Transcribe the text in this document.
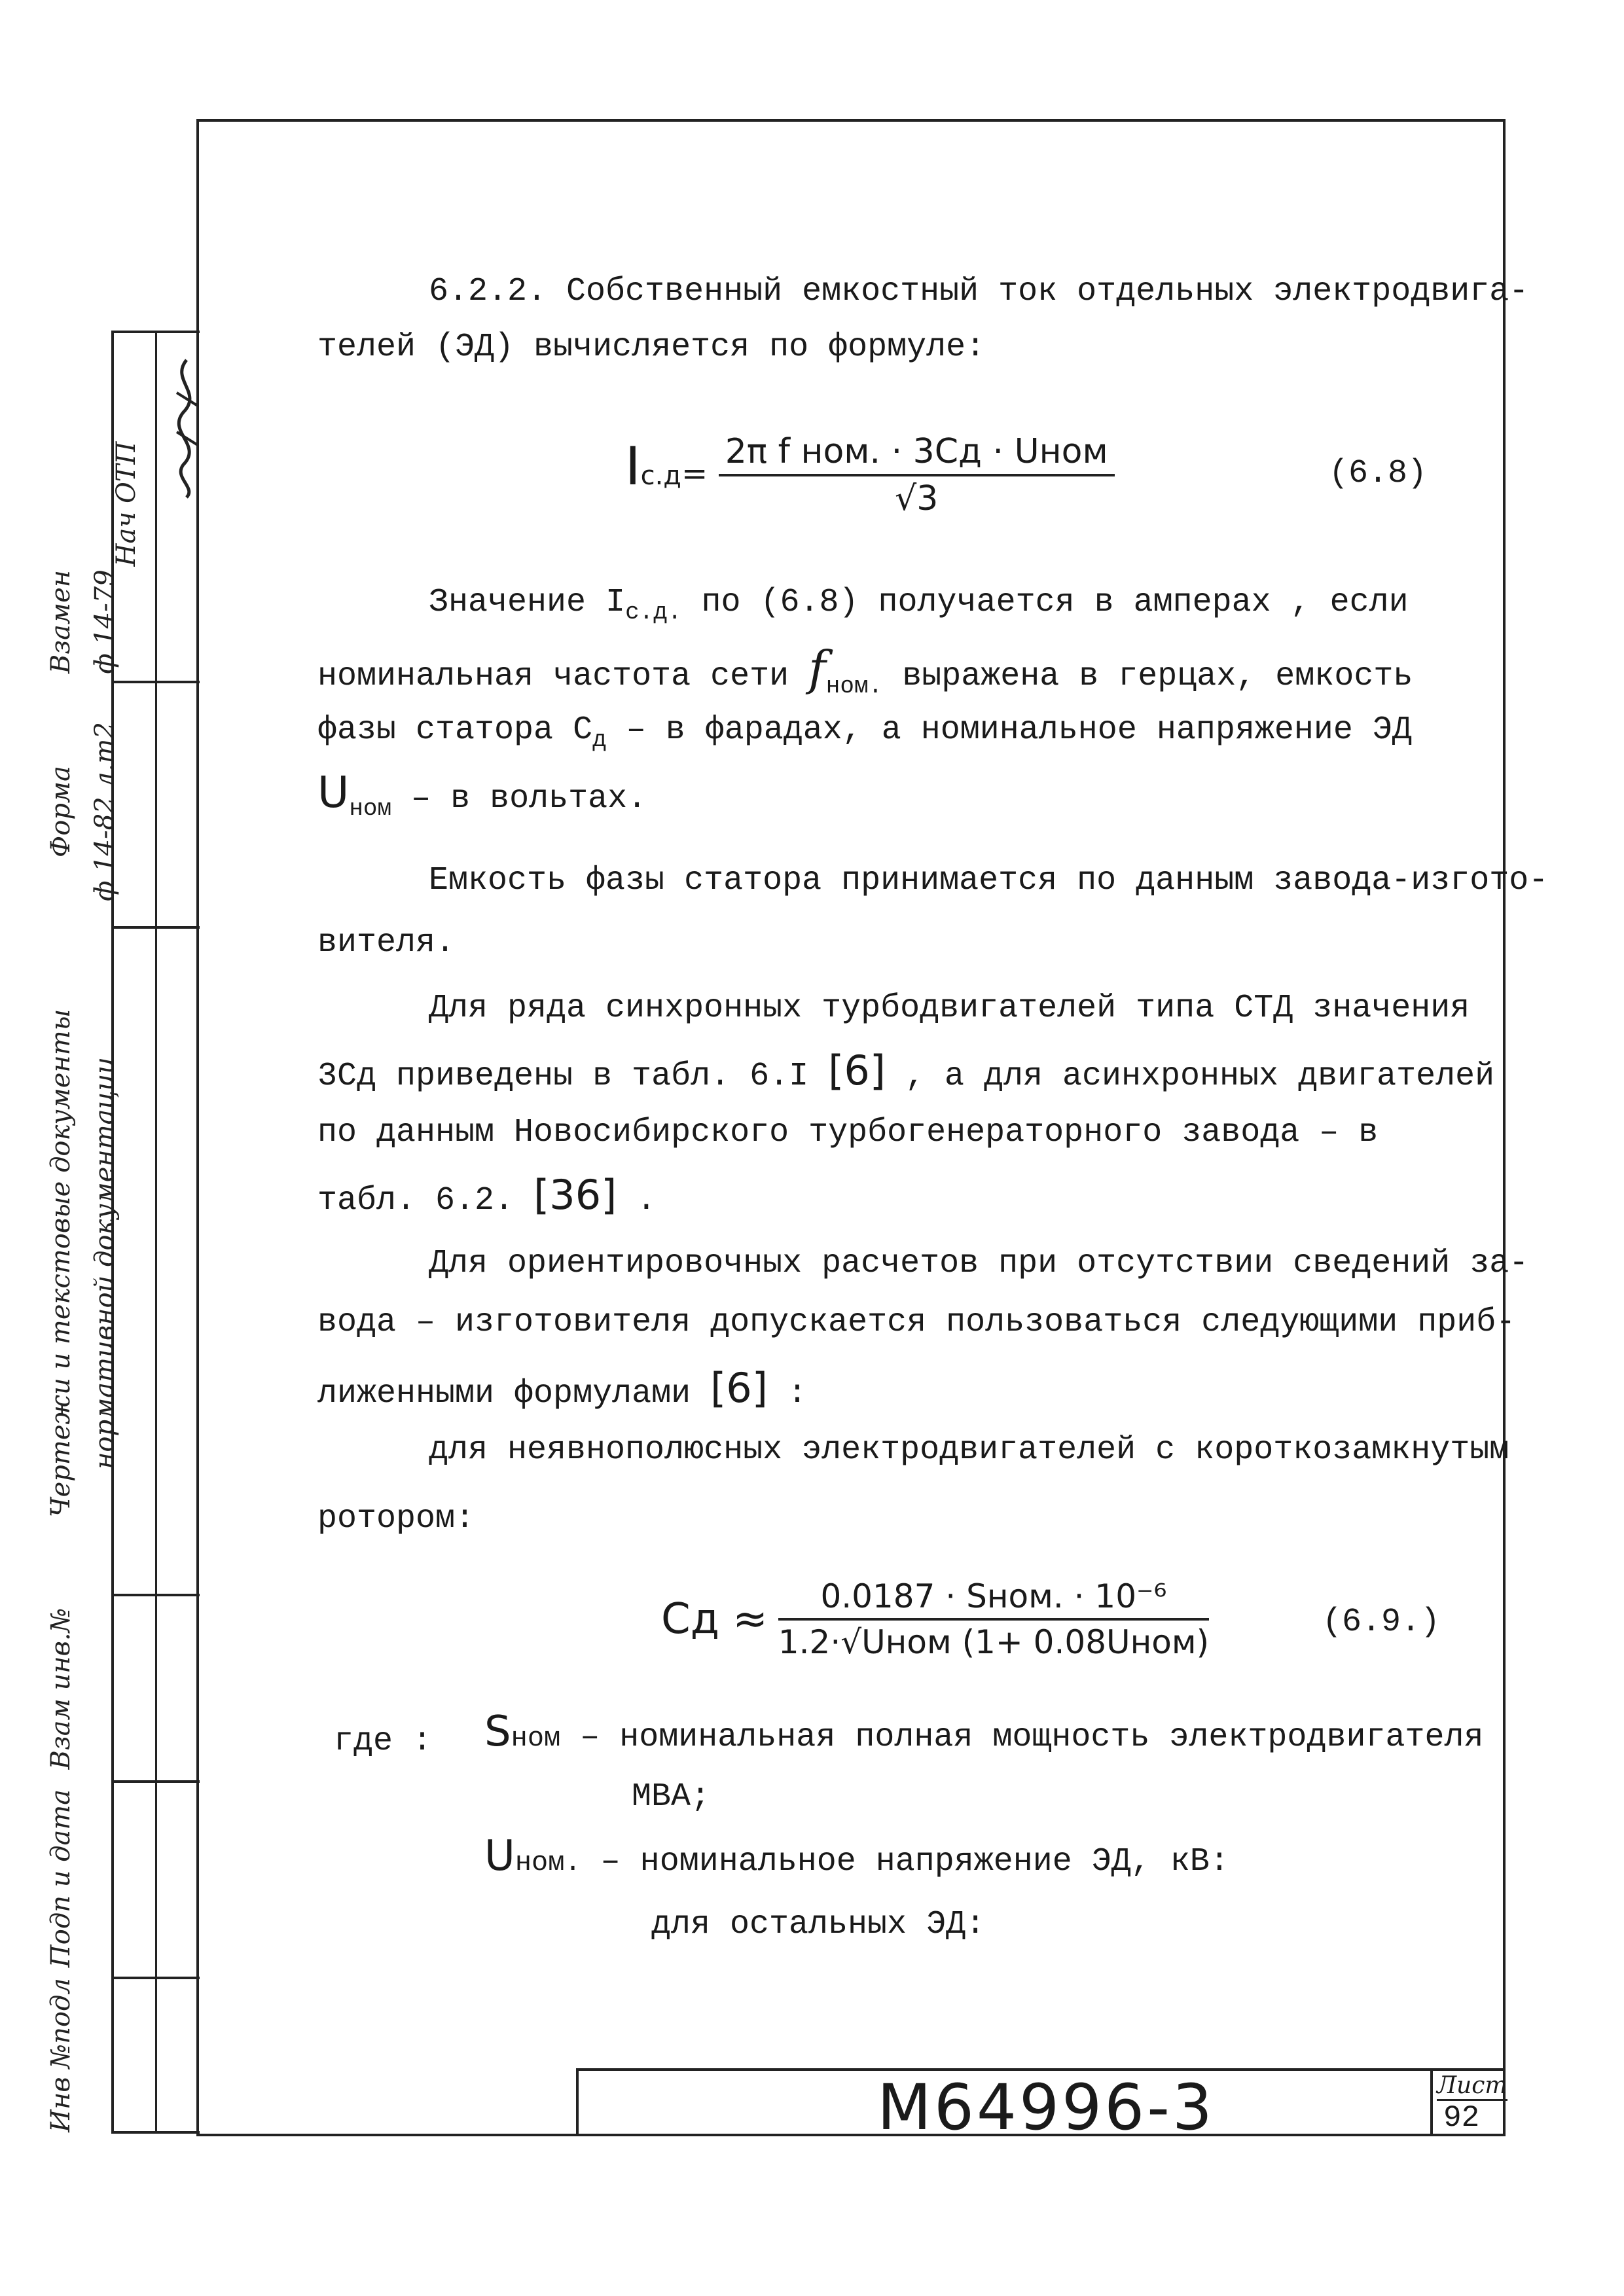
Нач ОТП
Взамен ф 14-79
Форма ф 14-82 л.т2
Чертежи и текстовые документы нормативной документации
Взам инв.№
Подп и дата
Инв №подл
6.2.2. Собственный емкостный ток отдельных электродвига-
телей (ЭД) вычисляется по формуле:
$Iс.д= \frac{\text{2π f ном. · 3Cд · Uном}}{√3}$	(6.8)
Значение $I_{с.д.}$ по (6.8) получается в амперах , если
номинальная частота сети $f_{ном.}$ выражена в герцах, емкость
фазы статора $C_д$ – в фарадах, а номинальное напряжение ЭД
$U_{ном}$ – в вольтах.
Емкость фазы статора принимается по данным завода-изгото-
вителя.
Для ряда синхронных турбодвигателей типа СТД значения
3Cд приведены в табл. 6.I [6] , а для асинхронных двигателей
по данным Новосибирского турбогенераторного завода – в
табл. 6.2. [36] .
Для ориентировочных расчетов при отсутствии сведений за-
вода – изготовителя допускается пользоваться следующими приб-
лиженными формулами [6] :
для неявнополюсных электродвигателей с короткозамкнутым
ротором:
Cд ≈ $\frac{\text{0.0187 · Sном. · 10⁻⁶}}{\text{1.2·√Uном (1+ 0.08Uном)}}$	(6.9.)
где : Sном – номинальная полная мощность электродвигателя
МВА;
Uном. – номинальное напряжение ЭД, кВ:
для остальных ЭД:
М64996-3	Лист
92
